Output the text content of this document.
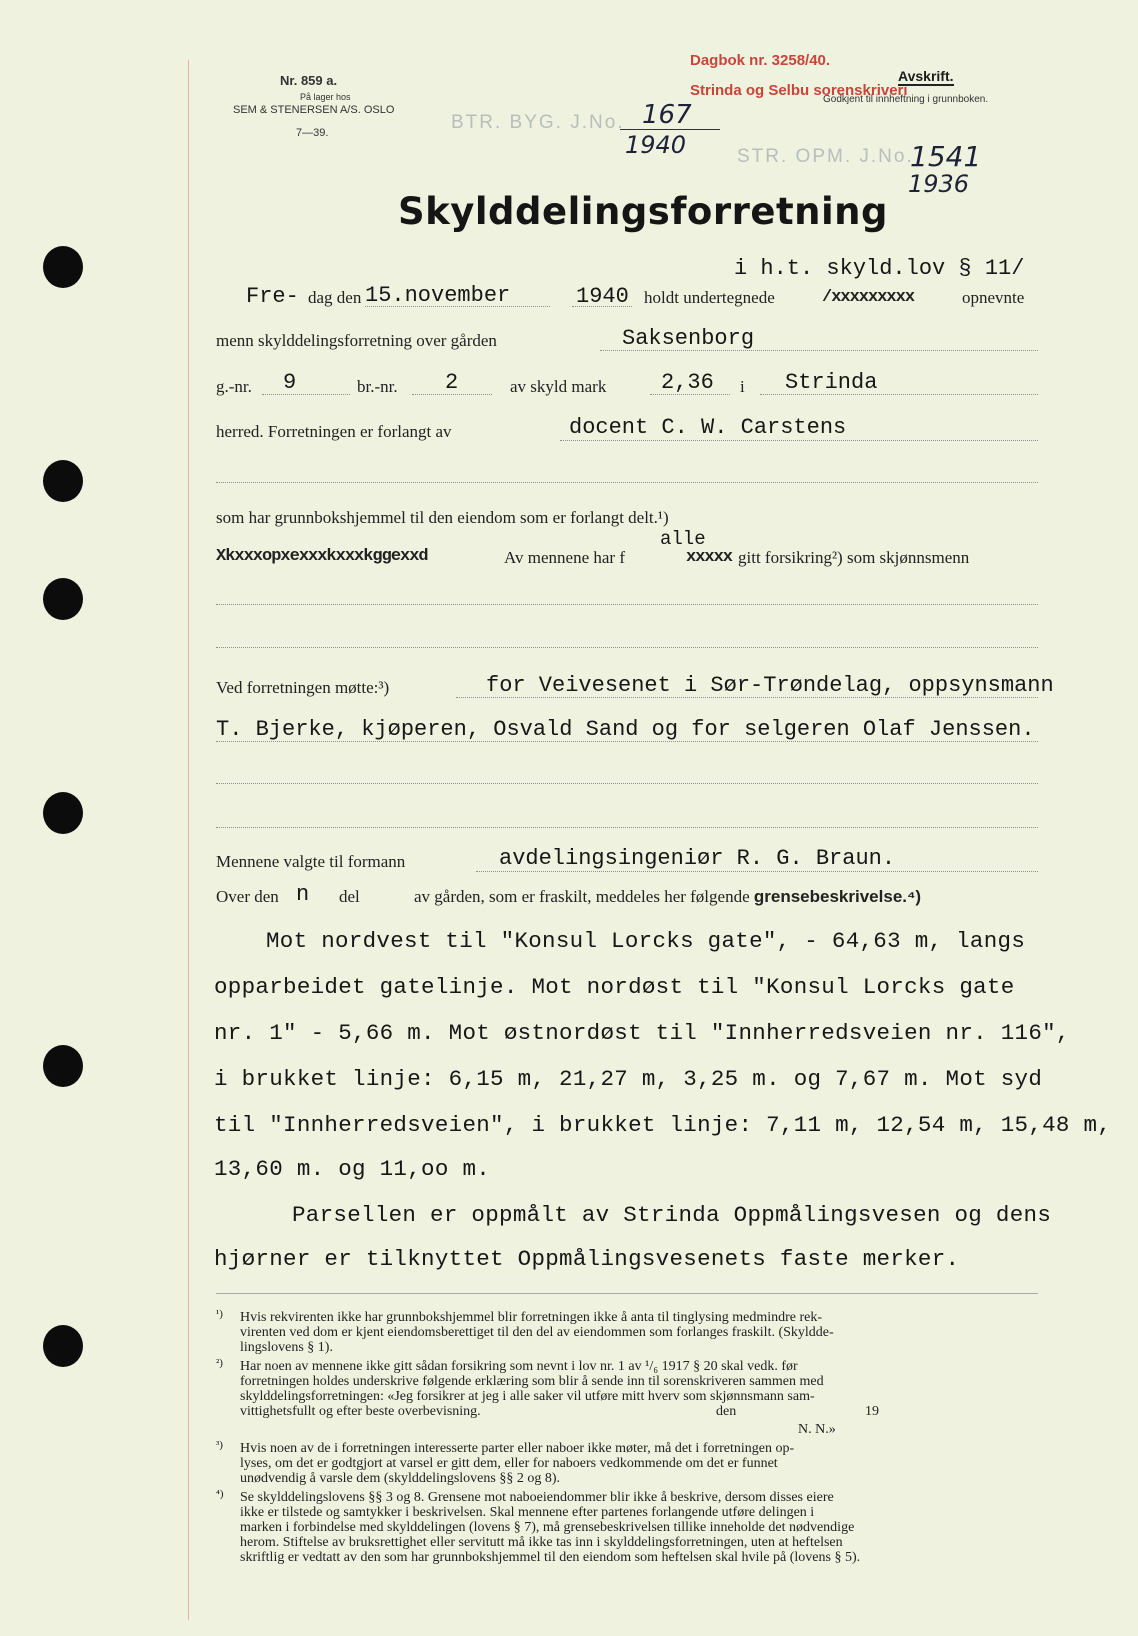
Nr. 859 a.
På lager hos
SEM & STENERSEN A/S. OSLO
7—39.
Dagbok nr. 3258/40.
Strinda og Selbu sorenskriveri
Avskrift.
Godkjent til innheftning i grunnboken.
BTR. BYG. J.No. 167
1940	STR. OPM. J.No.
1541
1936
Skylddelingsforretning
i h.t. skyld.lov § 11/
Fre- dag den 15.november	1940 holdt undertegnede	/xxxxxxxxx	opnevnte
menn skylddelingsforretning over gården	Saksenborg
g.-nr. 9	br.-nr. 2	av skyld mark 2,36 i Strinda
herred. Forretningen er forlangt av	docent C. W. Carstens
som har grunnbokshjemmel til den eiendom som er forlangt delt.¹)
Xkxxxopxexxxkxxxkggexxd	Av mennene har f	xxxxx
alle
gitt forsikring²) som skjønnsmenn
Ved forretningen møtte:³)	for Veivesenet i Sør-Trøndelag, oppsynsmann
T. Bjerke, kjøperen, Osvald Sand og for selgeren Olaf Jenssen.
Mennene valgte til formann	avdelingsingeniør R. G. Braun.
Over den n del	av gården, som er fraskilt, meddeles her følgende grensebeskrivelse.⁴)
Mot nordvest til "Konsul Lorcks gate", - 64,63 m, langs
opparbeidet gatelinje. Mot nordøst til "Konsul Lorcks gate
nr. 1" - 5,66 m. Mot østnordøst til "Innherredsveien nr. 116",
i brukket linje: 6,15 m, 21,27 m, 3,25 m. og 7,67 m. Mot syd
til "Innherredsveien", i brukket linje: 7,11 m, 12,54 m, 15,48 m,
13,60 m. og 11,oo m.
Parsellen er oppmålt av Strinda Oppmålingsvesen og dens
hjørner er tilknyttet Oppmålingsvesenets faste merker.
¹) Hvis rekvirenten ikke har grunnbokshjemmel blir forretningen ikke å anta til tinglysing medmindre rek-
virenten ved dom er kjent eiendomsberettiget til den del av eiendommen som forlanges fraskilt. (Skyldde-
lingslovens § 1).
²) Har noen av mennene ikke gitt sådan forsikring som nevnt i lov nr. 1 av ¹/₆ 1917 § 20 skal vedk. før
forretningen holdes underskrive følgende erklæring som blir å sende inn til sorenskriveren sammen med
skylddelingsforretningen: «Jeg forsikrer at jeg i alle saker vil utføre mitt hverv som skjønnsmann sam-
vittighetsfullt og efter beste overbevisning.	den	19
N. N.»
³) Hvis noen av de i forretningen interesserte parter eller naboer ikke møter, må det i forretningen op-
lyses, om det er godtgjort at varsel er gitt dem, eller for naboers vedkommende om det er funnet
unødvendig å varsle dem (skylddelingslovens §§ 2 og 8).
⁴) Se skylddelingslovens §§ 3 og 8. Grensene mot naboeiendommer blir ikke å beskrive, dersom disses eiere
ikke er tilstede og samtykker i beskrivelsen. Skal mennene efter partenes forlangende utføre delingen i
marken i forbindelse med skylddelingen (lovens § 7), må grensebeskrivelsen tillike inneholde det nødvendige
herom. Stiftelse av bruksrettighet eller servitutt må ikke tas inn i skylddelingsforretningen, uten at heftelsen
skriftlig er vedtatt av den som har grunnbokshjemmel til den eiendom som heftelsen skal hvile på (lovens § 5).
